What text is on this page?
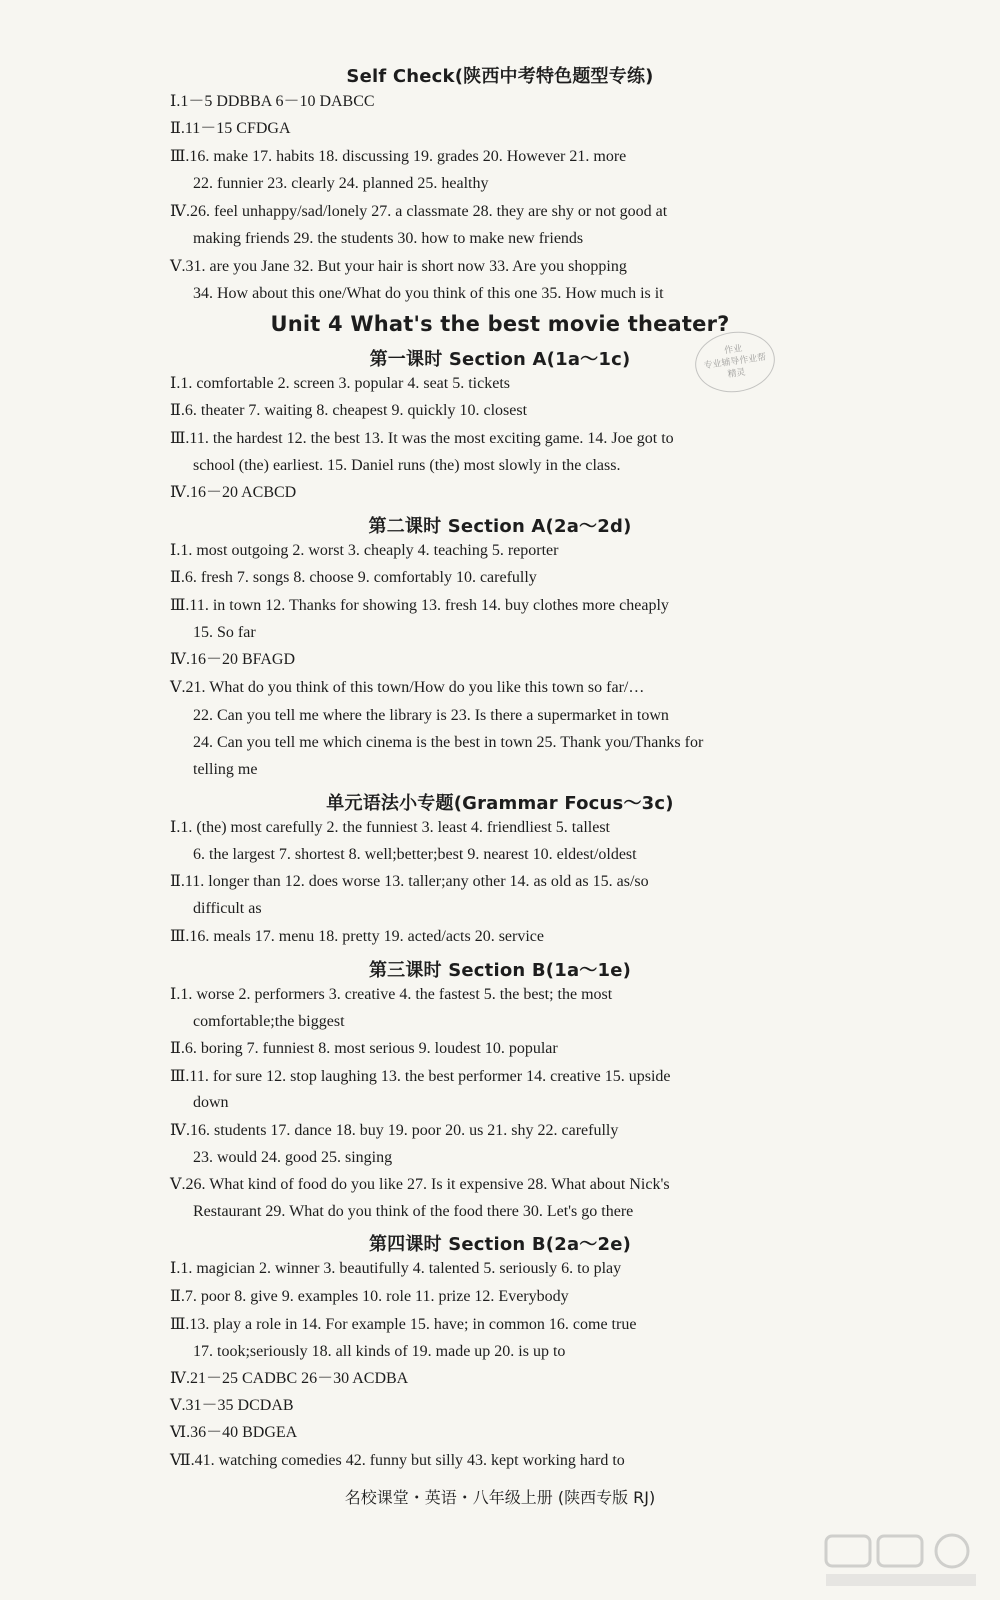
Self Check(陕西中考特色题型专练)
Ⅰ.1－5 DDBBA 6－10 DABCC
Ⅱ.11－15 CFDGA
Ⅲ.16. make 17. habits 18. discussing 19. grades 20. However 21. more
22. funnier 23. clearly 24. planned 25. healthy
Ⅳ.26. feel unhappy/sad/lonely 27. a classmate 28. they are shy or not good at
making friends 29. the students 30. how to make new friends
Ⅴ.31. are you Jane 32. But your hair is short now 33. Are you shopping
34. How about this one/What do you think of this one 35. How much is it
Unit 4 What's the best movie theater?
作业
专业辅导作业帮
精灵
第一课时 Section A(1a～1c)
Ⅰ.1. comfortable 2. screen 3. popular 4. seat 5. tickets
Ⅱ.6. theater 7. waiting 8. cheapest 9. quickly 10. closest
Ⅲ.11. the hardest 12. the best 13. It was the most exciting game. 14. Joe got to
school (the) earliest. 15. Daniel runs (the) most slowly in the class.
Ⅳ.16－20 ACBCD
第二课时 Section A(2a～2d)
Ⅰ.1. most outgoing 2. worst 3. cheaply 4. teaching 5. reporter
Ⅱ.6. fresh 7. songs 8. choose 9. comfortably 10. carefully
Ⅲ.11. in town 12. Thanks for showing 13. fresh 14. buy clothes more cheaply
15. So far
Ⅳ.16－20 BFAGD
Ⅴ.21. What do you think of this town/How do you like this town so far/…
22. Can you tell me where the library is 23. Is there a supermarket in town
24. Can you tell me which cinema is the best in town 25. Thank you/Thanks for
telling me
单元语法小专题(Grammar Focus～3c)
Ⅰ.1. (the) most carefully 2. the funniest 3. least 4. friendliest 5. tallest
6. the largest 7. shortest 8. well;better;best 9. nearest 10. eldest/oldest
Ⅱ.11. longer than 12. does worse 13. taller;any other 14. as old as 15. as/so
difficult as
Ⅲ.16. meals 17. menu 18. pretty 19. acted/acts 20. service
第三课时 Section B(1a～1e)
Ⅰ.1. worse 2. performers 3. creative 4. the fastest 5. the best; the most
comfortable;the biggest
Ⅱ.6. boring 7. funniest 8. most serious 9. loudest 10. popular
Ⅲ.11. for sure 12. stop laughing 13. the best performer 14. creative 15. upside
down
Ⅳ.16. students 17. dance 18. buy 19. poor 20. us 21. shy 22. carefully
23. would 24. good 25. singing
Ⅴ.26. What kind of food do you like 27. Is it expensive 28. What about Nick's
Restaurant 29. What do you think of the food there 30. Let's go there
第四课时 Section B(2a～2e)
Ⅰ.1. magician 2. winner 3. beautifully 4. talented 5. seriously 6. to play
Ⅱ.7. poor 8. give 9. examples 10. role 11. prize 12. Everybody
Ⅲ.13. play a role in 14. For example 15. have; in common 16. come true
17. took;seriously 18. all kinds of 19. made up 20. is up to
Ⅳ.21－25 CADBC 26－30 ACDBA
Ⅴ.31－35 DCDAB
Ⅵ.36－40 BDGEA
Ⅶ.41. watching comedies 42. funny but silly 43. kept working hard to
名校课堂・英语・八年级上册 (陕西专版 RJ)
